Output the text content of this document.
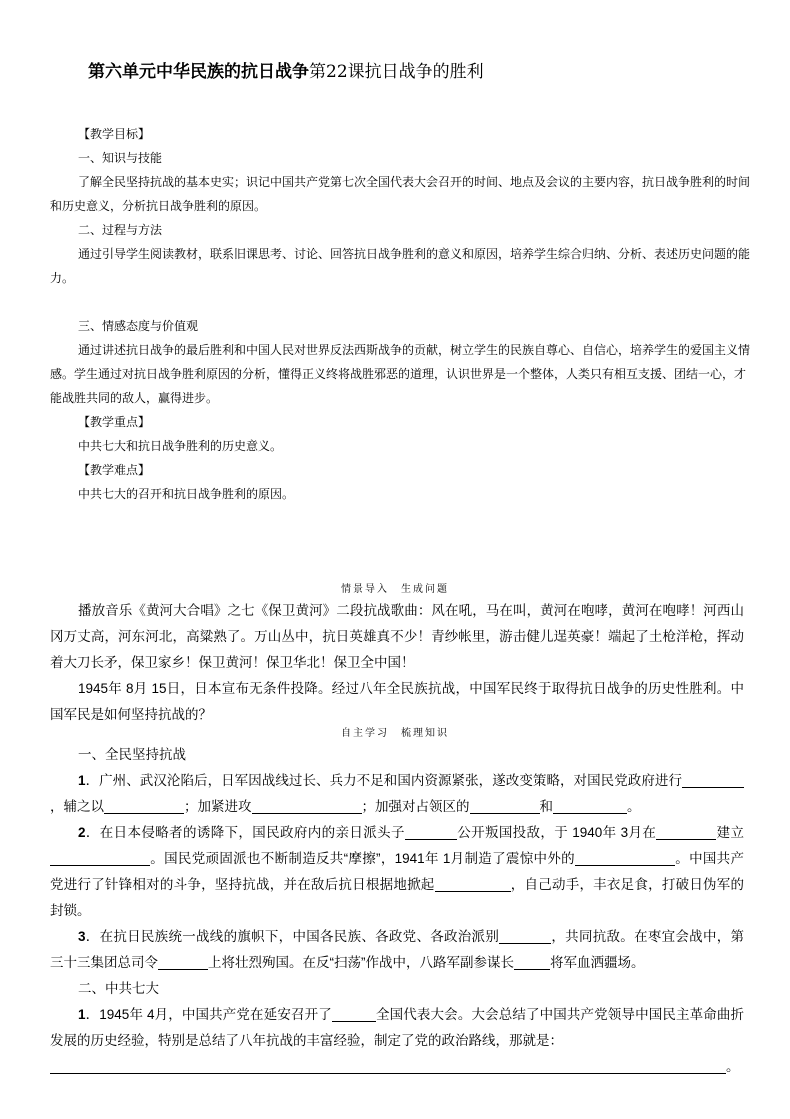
第六单元中华民族的抗日战争第22课抗日战争的胜利

【教学目标】

一、知识与技能

了解全民坚持抗战的基本史实；识记中国共产党第七次全国代表大会召开的时间、地点及会议的主要内容，抗日战争胜利的时间和历史意义，分析抗日战争胜利的原因。

二、过程与方法

通过引导学生阅读教材，联系旧课思考、讨论、回答抗日战争胜利的意义和原因，培养学生综合归纳、分析、表述历史问题的能力。

三、情感态度与价值观

通过讲述抗日战争的最后胜利和中国人民对世界反法西斯战争的贡献，树立学生的民族自尊心、自信心，培养学生的爱国主义情感。学生通过对抗日战争胜利原因的分析，懂得正义终将战胜邪恶的道理，认识世界是一个整体，人类只有相互支援、团结一心，才能战胜共同的敌人，赢得进步。

【教学重点】

中共七大和抗日战争胜利的历史意义。

【教学难点】

中共七大的召开和抗日战争胜利的原因。

情景导入　生成问题

播放音乐《黄河大合唱》之七《保卫黄河》二段抗战歌曲：风在吼，马在叫，黄河在咆哮，黄河在咆哮！河西山冈万丈高，河东河北，高粱熟了。万山丛中，抗日英雄真不少！青纱帐里，游击健儿逞英豪！端起了土枪洋枪，挥动着大刀长矛，保卫家乡！保卫黄河！保卫华北！保卫全中国！

1945年 8月 15日，日本宣布无条件投降。经过八年全民族抗战，中国军民终于取得抗日战争的历史性胜利。中国军民是如何坚持抗战的？

自主学习　梳理知识

一、全民坚持抗战

1．广州、武汉沦陷后，日军因战线过长、兵力不足和国内资源紧张，遂改变策略，对国民党政府进行，辅之以	；加紧进攻	；加强对占领区的	和	。

2．在日本侵略者的诱降下，国民政府内的亲日派头子	公开叛国投敌，于 1940年 3月在	建立。国民党顽固派也不断制造反共“摩擦”，1941年 1月制造了震惊中外的	。中国共产党进行了针锋相对的斗争，坚持抗战，并在敌后抗日根据地掀起	，自己动手，丰衣足食，打破日伪军的封锁。

3．在抗日民族统一战线的旗帜下，中国各民族、各政党、各政治派别	，共同抗敌。在枣宜会战中，第三十三集团总司令	上将壮烈殉国。在反“扫荡”作战中，八路军副参谋长	将军血洒疆场。

二、中共七大

1．1945年 4月，中国共产党在延安召开了	全国代表大会。大会总结了中国共产党领导中国民主革命曲折发展的历史经验，特别是总结了八年抗战的丰富经验，制定了党的政治路线，那就是：

。
